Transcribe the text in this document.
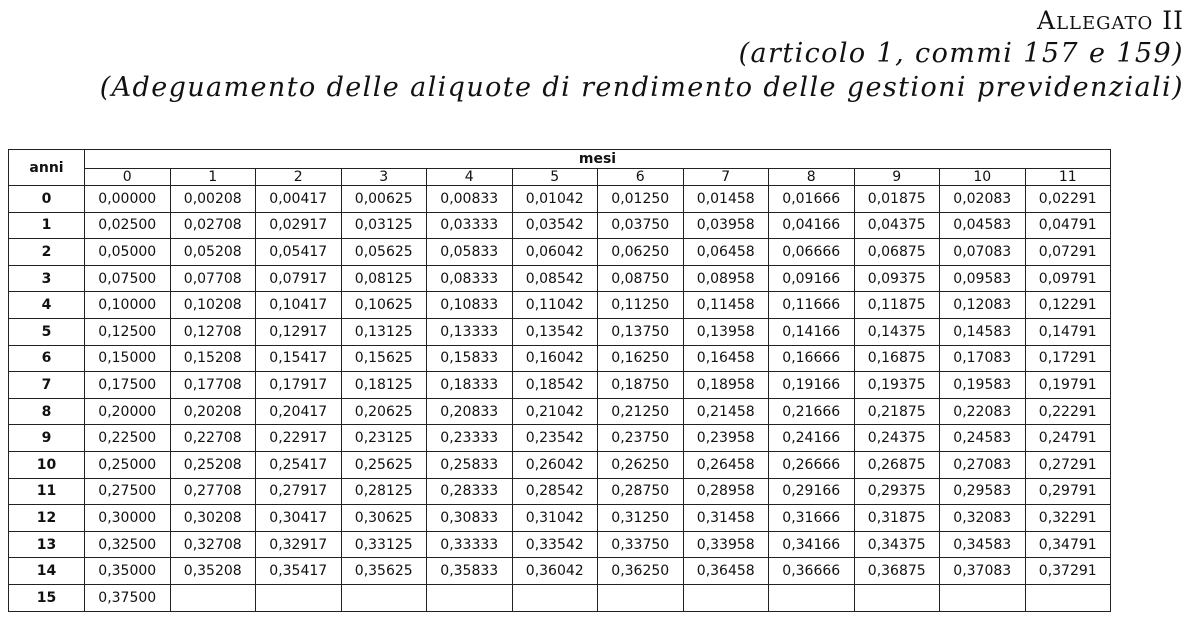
Allegato II
(articolo 1, commi 157 e 159)
(Adeguamento delle aliquote di rendimento delle gestioni previdenziali)
anni	mesi											
	0	1	2	3	4	5	6	7	8	9	10	11
0	0,00000	0,00208	0,00417	0,00625	0,00833	0,01042	0,01250	0,01458	0,01666	0,01875	0,02083	0,02291
1	0,02500	0,02708	0,02917	0,03125	0,03333	0,03542	0,03750	0,03958	0,04166	0,04375	0,04583	0,04791
2	0,05000	0,05208	0,05417	0,05625	0,05833	0,06042	0,06250	0,06458	0,06666	0,06875	0,07083	0,07291
3	0,07500	0,07708	0,07917	0,08125	0,08333	0,08542	0,08750	0,08958	0,09166	0,09375	0,09583	0,09791
4	0,10000	0,10208	0,10417	0,10625	0,10833	0,11042	0,11250	0,11458	0,11666	0,11875	0,12083	0,12291
5	0,12500	0,12708	0,12917	0,13125	0,13333	0,13542	0,13750	0,13958	0,14166	0,14375	0,14583	0,14791
6	0,15000	0,15208	0,15417	0,15625	0,15833	0,16042	0,16250	0,16458	0,16666	0,16875	0,17083	0,17291
7	0,17500	0,17708	0,17917	0,18125	0,18333	0,18542	0,18750	0,18958	0,19166	0,19375	0,19583	0,19791
8	0,20000	0,20208	0,20417	0,20625	0,20833	0,21042	0,21250	0,21458	0,21666	0,21875	0,22083	0,22291
9	0,22500	0,22708	0,22917	0,23125	0,23333	0,23542	0,23750	0,23958	0,24166	0,24375	0,24583	0,24791
10	0,25000	0,25208	0,25417	0,25625	0,25833	0,26042	0,26250	0,26458	0,26666	0,26875	0,27083	0,27291
11	0,27500	0,27708	0,27917	0,28125	0,28333	0,28542	0,28750	0,28958	0,29166	0,29375	0,29583	0,29791
12	0,30000	0,30208	0,30417	0,30625	0,30833	0,31042	0,31250	0,31458	0,31666	0,31875	0,32083	0,32291
13	0,32500	0,32708	0,32917	0,33125	0,33333	0,33542	0,33750	0,33958	0,34166	0,34375	0,34583	0,34791
14	0,35000	0,35208	0,35417	0,35625	0,35833	0,36042	0,36250	0,36458	0,36666	0,36875	0,37083	0,37291
15	0,37500											
